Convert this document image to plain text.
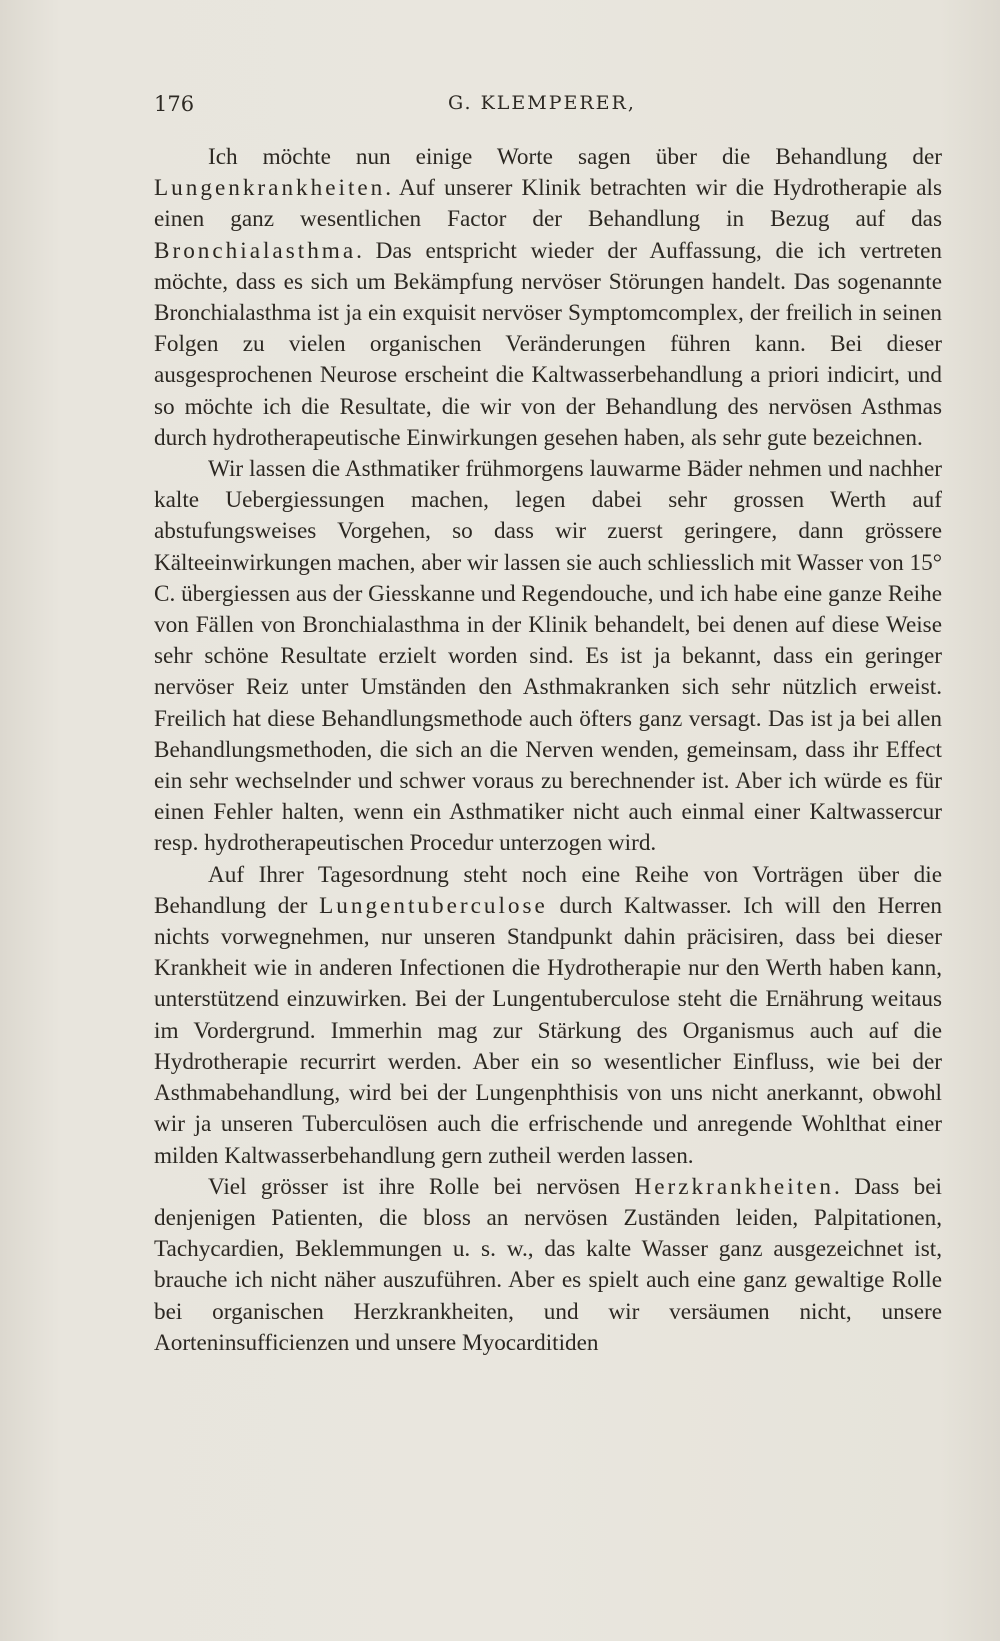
176	G. KLEMPERER,

Ich möchte nun einige Worte sagen über die Behandlung der Lungenkrankheiten. Auf unserer Klinik betrachten wir die Hydrotherapie als einen ganz wesentlichen Factor der Behandlung in Bezug auf das Bronchialasthma. Das entspricht wieder der Auffassung, die ich vertreten möchte, dass es sich um Bekämpfung nervöser Störungen handelt. Das sogenannte Bronchialasthma ist ja ein exquisit nervöser Symptomcomplex, der freilich in seinen Folgen zu vielen organischen Veränderungen führen kann. Bei dieser ausgesprochenen Neurose erscheint die Kaltwasserbehandlung a priori indicirt, und so möchte ich die Resultate, die wir von der Behandlung des nervösen Asthmas durch hydrotherapeutische Einwirkungen gesehen haben, als sehr gute bezeichnen.

Wir lassen die Asthmatiker frühmorgens lauwarme Bäder nehmen und nachher kalte Uebergiessungen machen, legen dabei sehr grossen Werth auf abstufungsweises Vorgehen, so dass wir zuerst geringere, dann grössere Kälteeinwirkungen machen, aber wir lassen sie auch schliesslich mit Wasser von 15° C. übergiessen aus der Giesskanne und Regendouche, und ich habe eine ganze Reihe von Fällen von Bronchialasthma in der Klinik behandelt, bei denen auf diese Weise sehr schöne Resultate erzielt worden sind. Es ist ja bekannt, dass ein geringer nervöser Reiz unter Umständen den Asthmakranken sich sehr nützlich erweist. Freilich hat diese Behandlungsmethode auch öfters ganz versagt. Das ist ja bei allen Behandlungsmethoden, die sich an die Nerven wenden, gemeinsam, dass ihr Effect ein sehr wechselnder und schwer voraus zu berechnender ist. Aber ich würde es für einen Fehler halten, wenn ein Asthmatiker nicht auch einmal einer Kaltwassercur resp. hydrotherapeutischen Procedur unterzogen wird.

Auf Ihrer Tagesordnung steht noch eine Reihe von Vorträgen über die Behandlung der Lungentuberculose durch Kaltwasser. Ich will den Herren nichts vorwegnehmen, nur unseren Standpunkt dahin präcisiren, dass bei dieser Krankheit wie in anderen Infectionen die Hydrotherapie nur den Werth haben kann, unterstützend einzuwirken. Bei der Lungentuberculose steht die Ernährung weitaus im Vordergrund. Immerhin mag zur Stärkung des Organismus auch auf die Hydrotherapie recurrirt werden. Aber ein so wesentlicher Einfluss, wie bei der Asthmabehandlung, wird bei der Lungenphthisis von uns nicht anerkannt, obwohl wir ja unseren Tuberculösen auch die erfrischende und anregende Wohlthat einer milden Kaltwasserbehandlung gern zutheil werden lassen.

Viel grösser ist ihre Rolle bei nervösen Herzkrankheiten. Dass bei denjenigen Patienten, die bloss an nervösen Zuständen leiden, Palpitationen, Tachycardien, Beklemmungen u. s. w., das kalte Wasser ganz ausgezeichnet ist, brauche ich nicht näher auszuführen. Aber es spielt auch eine ganz gewaltige Rolle bei organischen Herzkrankheiten, und wir versäumen nicht, unsere Aorteninsufficienzen und unsere Myocarditiden
